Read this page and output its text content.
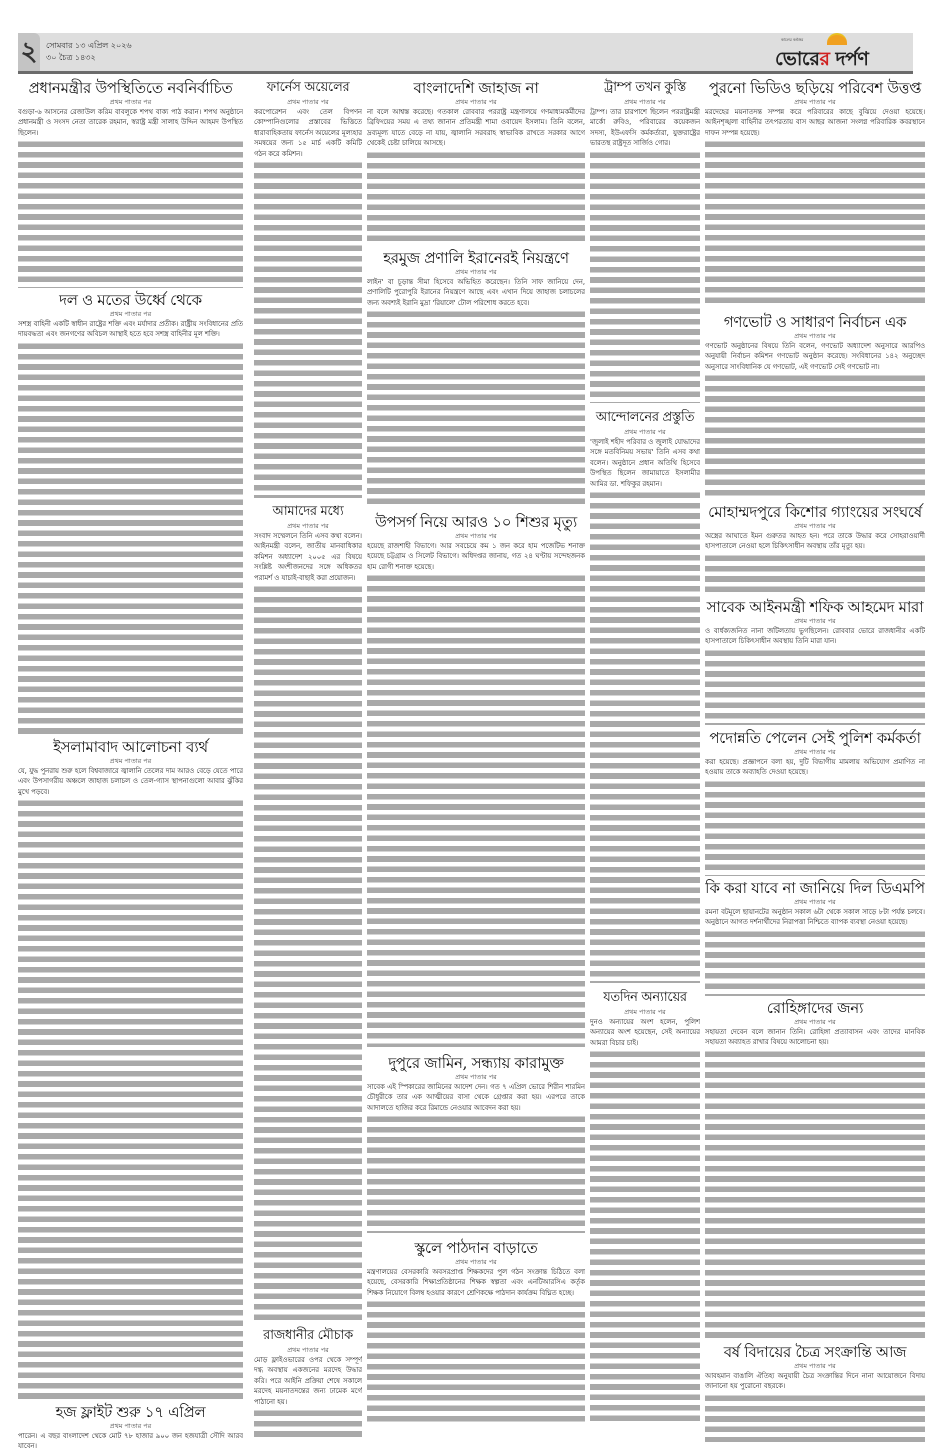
২	সোমবার ১৩ এপ্রিল ২০২৬
৩০ চৈত্র ১৪৩২
কালের কণ্ঠস্বর
ভোরের দর্পণ
প্রধানমন্ত্রীর উপস্থিতিতে নবনির্বাচিত
প্রথম পাতার পর
বগুড়া-৬ আসনের রেজাউল করিম বাবলুকে শপথ বাক্য পাঠ করান। শপথ অনুষ্ঠানে প্রধানমন্ত্রী ও সংসদ নেতা তারেক রহমান, স্বরাষ্ট্র মন্ত্রী সালাহ উদ্দিন আহমদ উপস্থিত ছিলেন।
দল ও মতের উর্ধ্বে থেকে
প্রথম পাতার পর
সশস্ত্র বাহিনী একটি স্বাধীন রাষ্ট্রের শক্তি এবং মর্যাদার প্রতীক। রাষ্ট্রীয় সংবিধানের প্রতি দায়বদ্ধতা এবং জনগণের অবিচল আস্থাই হতে হবে সশস্ত্র বাহিনীর মূল শক্তি।
ইসলামাবাদ আলোচনা ব্যর্থ
প্রথম পাতার পর
যে, যুদ্ধ পুনরায় শুরু হলে বিশ্ববাজারে জ্বালানি তেলের দাম আরও বেড়ে যেতে পারে এবং উপসাগরীয় অঞ্চলে জাহাজ চলাচল ও তেল-গ্যাস স্থাপনাগুলো আবার ঝুঁকির মুখে পড়বে।
হজ ফ্লাইট শুরু ১৭ এপ্রিল
প্রথম পাতার পর
পারেন। এ বছর বাংলাদেশ থেকে মোট ৭৮ হাজার ৯০০ জন হজযাত্রী সৌদি আরব যাবেন।
ফার্নেস অয়েলের
প্রথম পাতার পর
করপোরেশন এবং তেল বিপণন কোম্পানিগুলোর প্রস্তাবের ভিত্তিতে ধারাবাহিকতায় ফার্নেস অয়েলের মূল্যহার সমন্বয়ের জন্য ১৫ মার্চ একটি কমিটি গঠন করে কমিশন।
আমাদের মধ্যে
প্রথম পাতার পর
সংবাদ সম্মেলনে তিনি এসব কথা বলেন। আইনমন্ত্রী বলেন, জাতীয় মানবাধিকার কমিশন অধ্যাদেশ ২০০৫ এর বিষয়ে সংশ্লিষ্ট অংশীজনদের সঙ্গে অধিকতর পরামর্শ ও যাচাই-বাছাই করা প্রয়োজন।
রাজধানীর মৌচাক
প্রথম পাতার পর
মোড় ফ্লাইওভারের ওপর থেকে সম্পূর্ণ দগ্ধ অবস্থায় একজনের মরদেহ উদ্ধার করি। পরে আইনি প্রক্রিয়া শেষে সকালে মরদেহ ময়নাতদন্তের জন্য ঢামেক মর্গে পাঠানো হয়।
বাংলাদেশি জাহাজ না
প্রথম পাতার পর
না বলে আশ্বস্ত করেছে। গতকাল রোববার পররাষ্ট্র মন্ত্রণালয়ে গণমাধ্যমকর্মীদের ব্রিফিংয়ের সময় এ তথ্য জানান প্রতিমন্ত্রী শামা ওবায়েদ ইসলাম। তিনি বলেন, দ্রব্যমূল্য যাতে বেড়ে না যায়, জ্বালানি সরবরাহ স্বাভাবিক রাখতে সরকার আগে থেকেই চেষ্টা চালিয়ে আসছে।
হরমুজ প্রণালি ইরানেরই নিয়ন্ত্রণে
প্রথম পাতার পর
লাইন' বা চূড়ান্ত সীমা হিসেবে অভিহিত করেছেন। তিনি সাফ জানিয়ে দেন, প্রণালিটি পুরোপুরি ইরানের নিয়ন্ত্রণে আছে এবং এখান দিয়ে জাহাজ চলাচলের জন্য অবশ্যই ইরানি মুদ্রা 'রিয়ালে' টোল পরিশোধ করতে হবে।
উপসর্গ নিয়ে আরও ১০ শিশুর মৃত্যু
প্রথম পাতার পর
হয়েছে রাজশাহী বিভাগে। আর সবচেয়ে কম ১ জন করে হাম পজেটিভ শনাক্ত হয়েছে চট্টগ্রাম ও সিলেট বিভাগে। অধিদপ্তর জানায়, গত ২৪ ঘণ্টায় সন্দেহজনক হাম রোগী শনাক্ত হয়েছে।
দুপুরে জামিন, সন্ধ্যায় কারামুক্ত
প্রথম পাতার পর
সাবেক এই স্পিকারের জামিনের আদেশ দেন। গত ৭ এপ্রিল ভোরে শিরীন শারমিন চৌধুরীকে তার এক আত্মীয়ের বাসা থেকে গ্রেপ্তার করা হয়। এরপরে তাকে আদালতে হাজির করে রিমান্ডে নেওয়ার আবেদন করা হয়।
স্কুলে পাঠদান বাড়াতে
প্রথম পাতার পর
মন্ত্রণালয়ের বেসরকারি অবসরপ্রাপ্ত শিক্ষকদের পুল গঠন সংক্রান্ত চিঠিতে বলা হয়েছে, বেসরকারি শিক্ষাপ্রতিষ্ঠানের শিক্ষক স্বল্পতা এবং এনটিআরসিএ কর্তৃক শিক্ষক নিয়োগে বিলম্ব হওয়ার কারণে শ্রেণিকক্ষে পাঠদান কার্যক্রম বিঘ্নিত হচ্ছে।
ট্রাম্প তখন কুস্তি
প্রথম পাতার পর
ট্রাম্প। তার চারপাশে ছিলেন পররাষ্ট্রমন্ত্রী মার্কো রুবিও, পরিবারের কয়েকজন সদস্য, ইউএফসি কর্মকর্তারা, যুক্তরাষ্ট্রের ভারতস্থ রাষ্ট্রদূত সার্জিও গোর।
আন্দোলনের প্রস্তুতি
প্রথম পাতার পর
'জুলাই শহীদ পরিবার ও জুলাই যোদ্ধাদের সঙ্গে মতবিনিময় সভায়' তিনি এসব কথা বলেন। অনুষ্ঠানে প্রধান অতিথি হিসেবে উপস্থিত ছিলেন জামায়াতে ইসলামীর আমির ডা. শফিকুর রহমান।
যতদিন অন্যায়ের
প্রথম পাতার পর
দুনও অন্যায়ের অংশ হলেন, পুলিশ অন্যায়ের অংশ হয়েছেন, সেই অন্যায়ের আমরা বিচার চাই।
পুরনো ভিডিও ছড়িয়ে পরিবেশ উত্তপ্ত
প্রথম পাতার পর
মরদেহের ময়নাতদন্ত সম্পন্ন করে পরিবারের কাছে বুঝিয়ে দেওয়া হয়েছে। আইনশৃঙ্খলা বাহিনীর তৎপরতায় বাস আছর আজনা সংলগ্ন পরিবারিক কবরস্থানে দাফন সম্পন্ন হয়েছে।
গণভোট ও সাধারণ নির্বাচন এক
প্রথম পাতার পর
গণভোট অনুষ্ঠানের বিষয়ে তিনি বলেন, গণভোট অধ্যাদেশ অনুসারে আরপিও অনুযায়ী নির্বাচন কমিশন গণভোট অনুষ্ঠান করেছে। সংবিধানের ১৪২ অনুচ্ছেদ অনুসারে সাংবিধানিক যে গণভোট, এই গণভোট সেই গণভোট না।
মোহাম্মদপুরে কিশোর গ্যাংয়ের সংঘর্ষে
প্রথম পাতার পর
অস্ত্রের আঘাতে ইমন গুরুতর আহত হন। পরে তাকে উদ্ধার করে সোহরাওয়ার্দী হাসপাতালে নেওয়া হলে চিকিৎসাধীন অবস্থায় তাঁর মৃত্যু হয়।
সাবেক আইনমন্ত্রী শফিক আহমেদ মারা
প্রথম পাতার পর
ও বার্ধক্যজনিত নানা জটিলতায় ভুগছিলেন। রোববার ভোরে রাজধানীর একটি হাসপাতালে চিকিৎসাধীন অবস্থায় তিনি মারা যান।
পদোন্নতি পেলেন সেই পুলিশ কর্মকর্তা
প্রথম পাতার পর
করা হয়েছে। প্রজ্ঞাপনে বলা হয়, দুটি বিভাগীয় মামলায় অভিযোগ প্রমাণিত না হওয়ায় তাকে অব্যাহতি দেওয়া হয়েছে।
কি করা যাবে না জানিয়ে দিল ডিএমপি
প্রথম পাতার পর
রমনা বটমূলে ছায়ানটের অনুষ্ঠান সকাল ৬টা থেকে সকাল সাড়ে ৮টা পর্যন্ত চলবে। অনুষ্ঠানে আগত দর্শনার্থীদের নিরাপত্তা নিশ্চিতে ব্যাপক ব্যবস্থা নেওয়া হয়েছে।
রোহিঙ্গাদের জন্য
প্রথম পাতার পর
সহায়তা দেবেন বলে জানান তিনি। রোহিঙ্গা প্রত্যাবাসন এবং তাদের মানবিক সহায়তা অব্যাহত রাখার বিষয়ে আলোচনা হয়।
বর্ষ বিদায়ের চৈত্র সংক্রান্তি আজ
প্রথম পাতার পর
আবহমান বাঙালি ঐতিহ্য অনুযায়ী চৈত্র সংক্রান্তির দিনে নানা আয়োজনে বিদায় জানানো হয় পুরোনো বছরকে।
